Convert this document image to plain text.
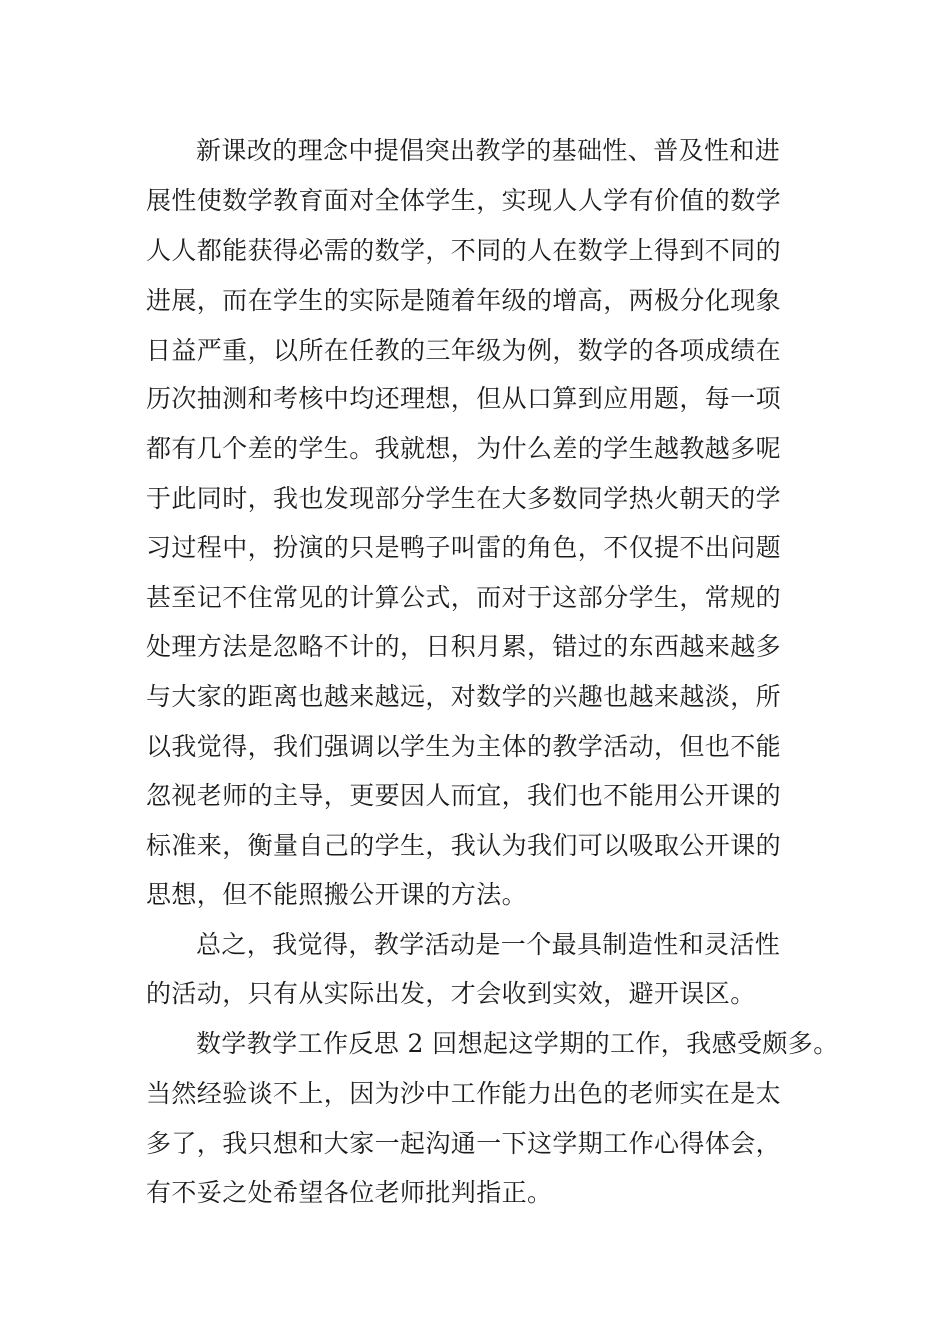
新课改的理念中提倡突出教学的基础性、普及性和进
展性使数学教育面对全体学生，实现人人学有价值的数学
人人都能获得必需的数学，不同的人在数学上得到不同的
进展，而在学生的实际是随着年级的增高，两极分化现象
日益严重，以所在任教的三年级为例，数学的各项成绩在
历次抽测和考核中均还理想，但从口算到应用题，每一项
都有几个差的学生。我就想，为什么差的学生越教越多呢
于此同时，我也发现部分学生在大多数同学热火朝天的学
习过程中，扮演的只是鸭子叫雷的角色，不仅提不出问题
甚至记不住常见的计算公式，而对于这部分学生，常规的
处理方法是忽略不计的，日积月累，错过的东西越来越多
与大家的距离也越来越远，对数学的兴趣也越来越淡，所
以我觉得，我们强调以学生为主体的教学活动，但也不能
忽视老师的主导，更要因人而宜，我们也不能用公开课的
标准来，衡量自己的学生，我认为我们可以吸取公开课的
思想，但不能照搬公开课的方法。
总之，我觉得，教学活动是一个最具制造性和灵活性
的活动，只有从实际出发，才会收到实效，避开误区。
数学教学工作反思 2 回想起这学期的工作，我感受颇多。
当然经验谈不上，因为沙中工作能力出色的老师实在是太
多了，我只想和大家一起沟通一下这学期工作心得体会，
有不妥之处希望各位老师批判指正。
